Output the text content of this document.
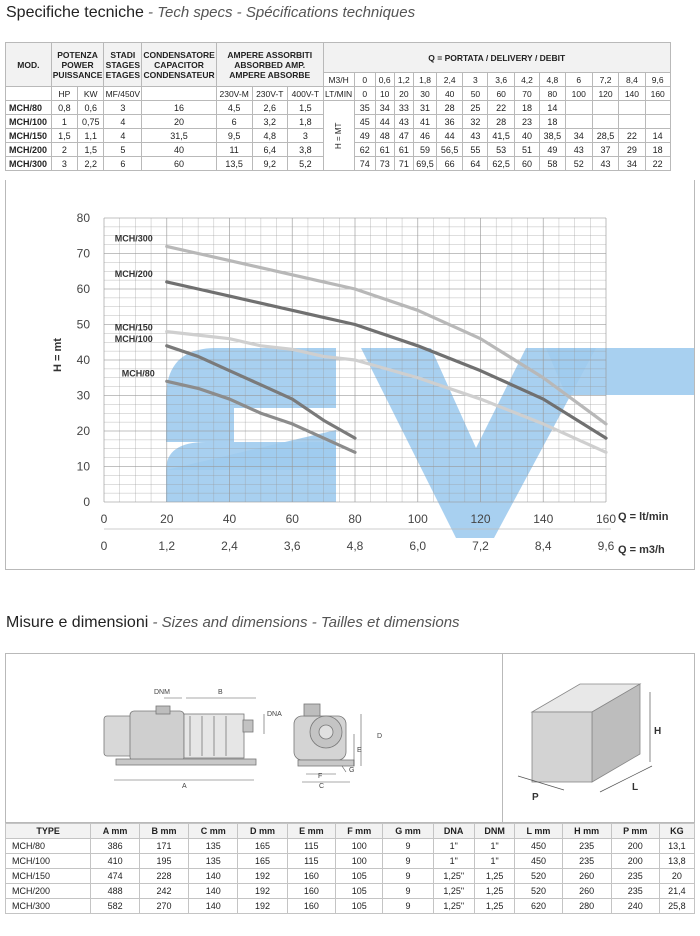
Specifiche tecniche - Tech specs - Spécifications techniques
MOD.	POTENZA
POWER
PUISSANCE		STADI
STAGES
ETAGES	CONDENSATORE
CAPACITOR
CONDENSATEUR	AMPERE ASSORBITI
ABSORBED AMP.
AMPERE ABSORBE			Q = PORTATA / DELIVERY / DEBIT													
								M3/H	0	0,6	1,2	1,8	2,4	3	3,6	4,2	4,8	6	7,2	8,4	9,6
	HP	KW	MF/450V		230V-M	230V-T	400V-T	LT/MIN	0	10	20	30	40	50	60	70	80	100	120	140	160
MCH/80	0,8	0,6	3	16	4,5	2,6	1,5	H = MT	35	34	33	31	28	25	22	18	14				
MCH/100	1	0,75	4	20	6	3,2	1,8		45	44	43	41	36	32	28	23	18				
MCH/150	1,5	1,1	4	31,5	9,5	4,8	3		49	48	47	46	44	43	41,5	40	38,5	34	28,5	22	14
MCH/200	2	1,5	5	40	11	6,4	3,8		62	61	61	59	56,5	55	53	51	49	43	37	29	18
MCH/300	3	2,2	6	60	13,5	9,2	5,2		74	73	71	69,5	66	64	62,5	60	58	52	43	34	22
0
10
20
30
40
50
60
70
80
0	20	40	60	80	100	120	140	160
0	1,2	2,4	3,6	4,8	6,0	7,2	8,4	9,6
H = mt
Q = lt/min
Q = m3/h
MCH/300
MCH/200
MCH/150
MCH/100
MCH/80
Misure e dimensioni - Sizes and dimensions - Tailles et dimensions
DNM	B
DNA
A
D
E
F
C
G
H
P
L
TYPE	A mm	B mm	C mm	D mm	E mm	F mm	G mm	DNA	DNM	L mm	H mm	P mm	KG
MCH/80	386	171	135	165	115	100	9	1"	1"	450	235	200	13,1
MCH/100	410	195	135	165	115	100	9	1"	1"	450	235	200	13,8
MCH/150	474	228	140	192	160	105	9	1,25"	1,25	520	260	235	20
MCH/200	488	242	140	192	160	105	9	1,25"	1,25	520	260	235	21,4
MCH/300	582	270	140	192	160	105	9	1,25"	1,25	620	280	240	25,8
